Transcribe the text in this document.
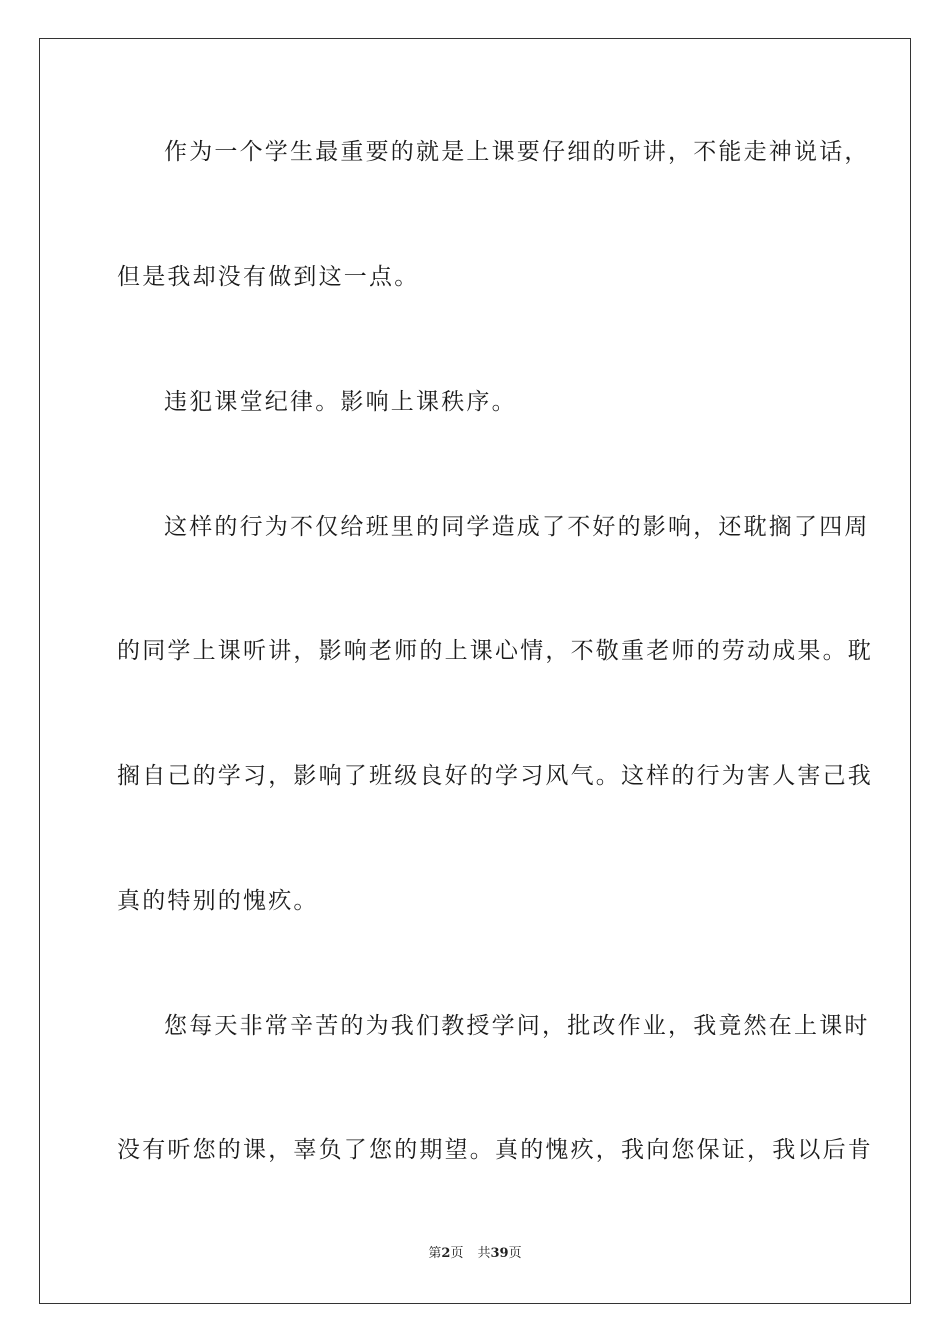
作为一个学生最重要的就是上课要仔细的听讲，不能走神说话，
但是我却没有做到这一点。
违犯课堂纪律。影响上课秩序。
这样的行为不仅给班里的同学造成了不好的影响，还耽搁了四周
的同学上课听讲，影响老师的上课心情，不敬重老师的劳动成果。耽
搁自己的学习，影响了班级良好的学习风气。这样的行为害人害己我
真的特别的愧疚。
您每天非常辛苦的为我们教授学问，批改作业，我竟然在上课时
没有听您的课，辜负了您的期望。真的愧疚，我向您保证，我以后肯
第2页 共39页
